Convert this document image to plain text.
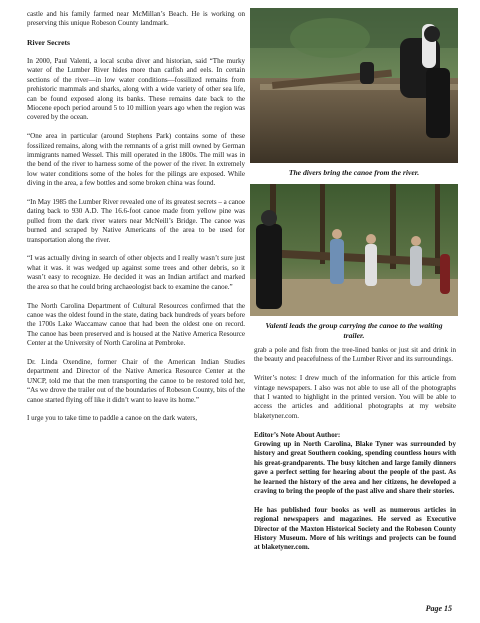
castle and his family farmed near McMillan’s Beach. He is working on preserving this unique Robeson County landmark.

River Secrets

In 2000, Paul Valenti, a local scuba diver and historian, said “The murky water of the Lumber River hides more than catfish and eels. In certain sections of the river—in low water conditions—fossilized remains from prehistoric mammals and sharks, along with a wide variety of other sea life, can be found exposed along its banks. These remains date back to the Miocene epoch period around 5 to 10 million years ago when the region was covered by the ocean.

“One area in particular (around Stephens Park) contains some of these fossilized remains, along with the remnants of a grist mill owned by German immigrants named Wessel. This mill operated in the 1800s. The mill was in the bend of the river to harness some of the power of the river. In extremely low water conditions some of the holes for the pilings are exposed. While diving in the area, a few bottles and some broken china was found.

“In May 1985 the Lumber River revealed one of its greatest secrets – a canoe dating back to 930 A.D. The 16.6-foot canoe made from yellow pine was pulled from the dark river waters near McNeill’s Bridge. The canoe was burned and scraped by Native Americans of the area to be used for transportation along the river.

“I was actually diving in search of other objects and I really wasn’t sure just what it was. it was wedged up against some trees and other debris, so it wasn’t easy to recognize. He decided it was an Indian artifact and marked the area so that he could bring archaeologist back to examine the canoe.”

The North Carolina Department of Cultural Resources confirmed that the canoe was the oldest found in the state, dating back hundreds of years before the 1700s Lake Waccamaw canoe that had been the oldest one on record. The canoe has been preserved and is housed at the Native America Resource Center at the University of North Carolina at Pembroke.

Dr. Linda Oxendine, former Chair of the American Indian Studies department and Director of the Native America Resource Center at the UNCP, told me that the men transporting the canoe to be restored told her, “As we drove the trailer out of the boundaries of Robeson County, bits of the canoe started flying off like it didn’t want to leave its home.”

I urge you to take time to paddle a canoe on the dark waters,

The divers bring the canoe from the river.
Valenti leads the group carrying the canoe to the waiting trailer.

grab a pole and fish from the tree-lined banks or just sit and drink in the beauty and peacefulness of the Lumber River and its surroundings.

Writer’s notes: I drew much of the information for this article from vintage newspapers. I also was not able to use all of the photographs that I wanted to highlight in the printed version. You will be able to access the articles and additional photographs at my website blaketyner.com.

Editor’s Note About Author:

Growing up in North Carolina, Blake Tyner was surrounded by history and great Southern cooking, spending countless hours with his great-grandparents. The busy kitchen and large family dinners gave a perfect setting for hearing about the people of the past. As he learned the history of the area and her citizens, he developed a craving to bring the people of the past alive and share their stories.

He has published four books as well as numerous articles in regional newspapers and magazines. He served as Executive Director of the Maxton Historical Society and the Robeson County History Museum. More of his writings and projects can be found at blaketyner.com.

Page 15
